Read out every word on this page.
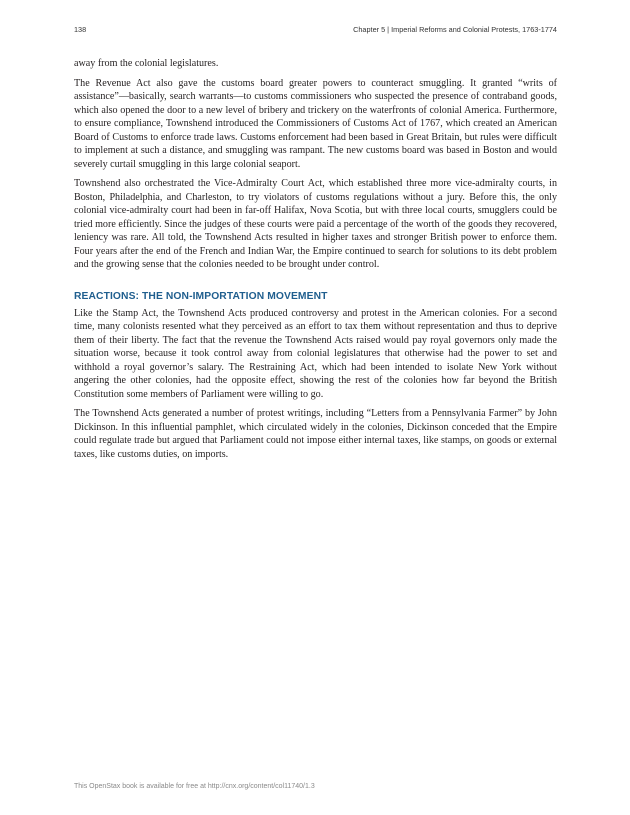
138	Chapter 5 | Imperial Reforms and Colonial Protests, 1763-1774

away from the colonial legislatures.

The Revenue Act also gave the customs board greater powers to counteract smuggling. It granted “writs of assistance”—basically, search warrants—to customs commissioners who suspected the presence of contraband goods, which also opened the door to a new level of bribery and trickery on the waterfronts of colonial America. Furthermore, to ensure compliance, Townshend introduced the Commissioners of Customs Act of 1767, which created an American Board of Customs to enforce trade laws. Customs enforcement had been based in Great Britain, but rules were difficult to implement at such a distance, and smuggling was rampant. The new customs board was based in Boston and would severely curtail smuggling in this large colonial seaport.

Townshend also orchestrated the Vice-Admiralty Court Act, which established three more vice-admiralty courts, in Boston, Philadelphia, and Charleston, to try violators of customs regulations without a jury. Before this, the only colonial vice-admiralty court had been in far-off Halifax, Nova Scotia, but with three local courts, smugglers could be tried more efficiently. Since the judges of these courts were paid a percentage of the worth of the goods they recovered, leniency was rare. All told, the Townshend Acts resulted in higher taxes and stronger British power to enforce them. Four years after the end of the French and Indian War, the Empire continued to search for solutions to its debt problem and the growing sense that the colonies needed to be brought under control.

REACTIONS: THE NON-IMPORTATION MOVEMENT

Like the Stamp Act, the Townshend Acts produced controversy and protest in the American colonies. For a second time, many colonists resented what they perceived as an effort to tax them without representation and thus to deprive them of their liberty. The fact that the revenue the Townshend Acts raised would pay royal governors only made the situation worse, because it took control away from colonial legislatures that otherwise had the power to set and withhold a royal governor’s salary. The Restraining Act, which had been intended to isolate New York without angering the other colonies, had the opposite effect, showing the rest of the colonies how far beyond the British Constitution some members of Parliament were willing to go.

The Townshend Acts generated a number of protest writings, including “Letters from a Pennsylvania Farmer” by John Dickinson. In this influential pamphlet, which circulated widely in the colonies, Dickinson conceded that the Empire could regulate trade but argued that Parliament could not impose either internal taxes, like stamps, on goods or external taxes, like customs duties, on imports.

This OpenStax book is available for free at http://cnx.org/content/col11740/1.3
